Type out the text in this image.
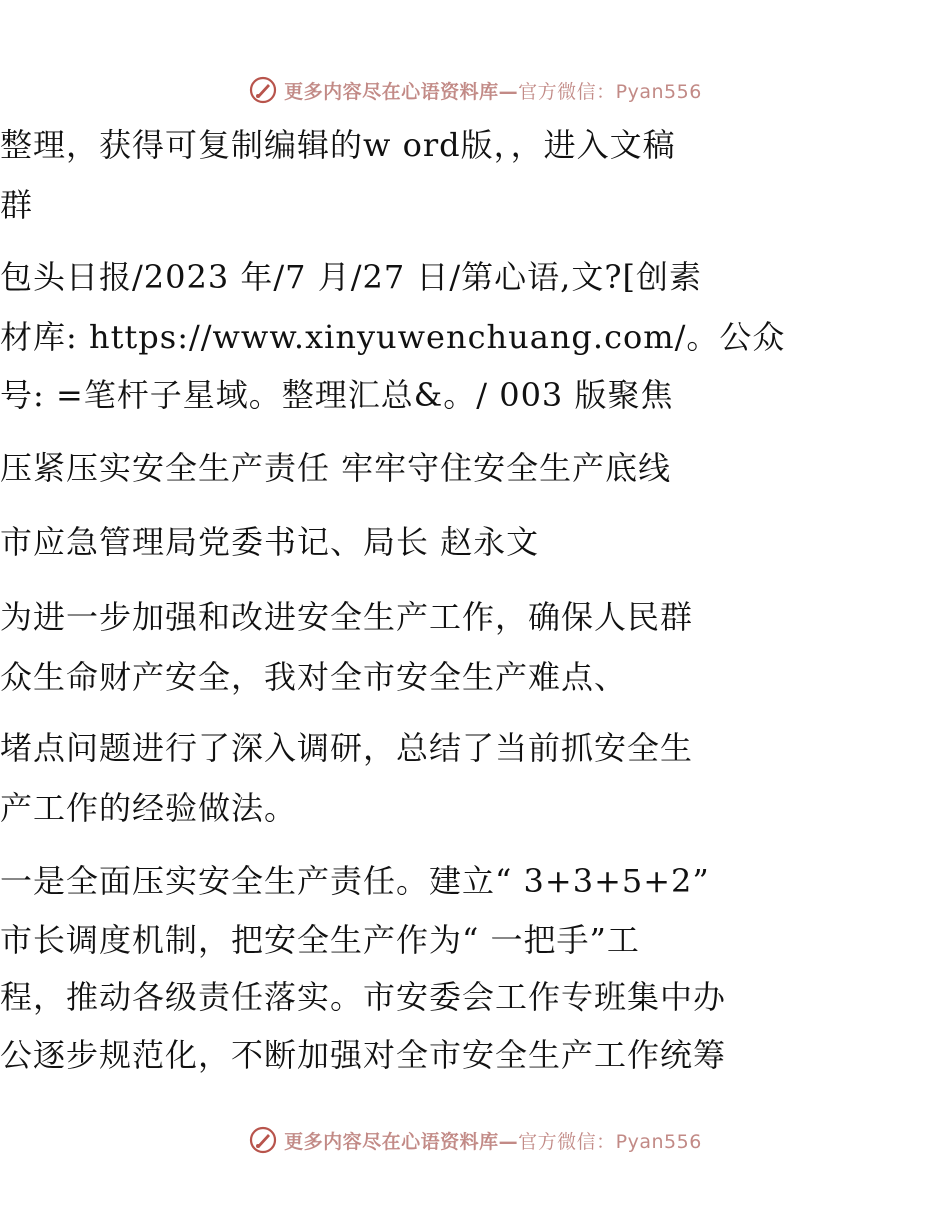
更多内容尽在心语资料库—官方微信：Pyan556
整理，获得可复制编辑的w ord版，，进入文稿
群
包头日报/2023 年/7 月/27 日/第心语,文?[创素
材库: https://www.xinyuwenchuang.com/。公众
号: =笔杆子星域。整理汇总&。/ 003 版聚焦
压紧压实安全生产责任 牢牢守住安全生产底线
市应急管理局党委书记、局长 赵永文
为进一步加强和改进安全生产工作，确保人民群
众生命财产安全，我对全市安全生产难点、
堵点问题进行了深入调研，总结了当前抓安全生
产工作的经验做法。
一是全面压实安全生产责任。建立“ 3+3+5+2”
市长调度机制，把安全生产作为“ 一把手”工
程，推动各级责任落实。市安委会工作专班集中办
公逐步规范化，不断加强对全市安全生产工作统筹
更多内容尽在心语资料库—官方微信：Pyan556
